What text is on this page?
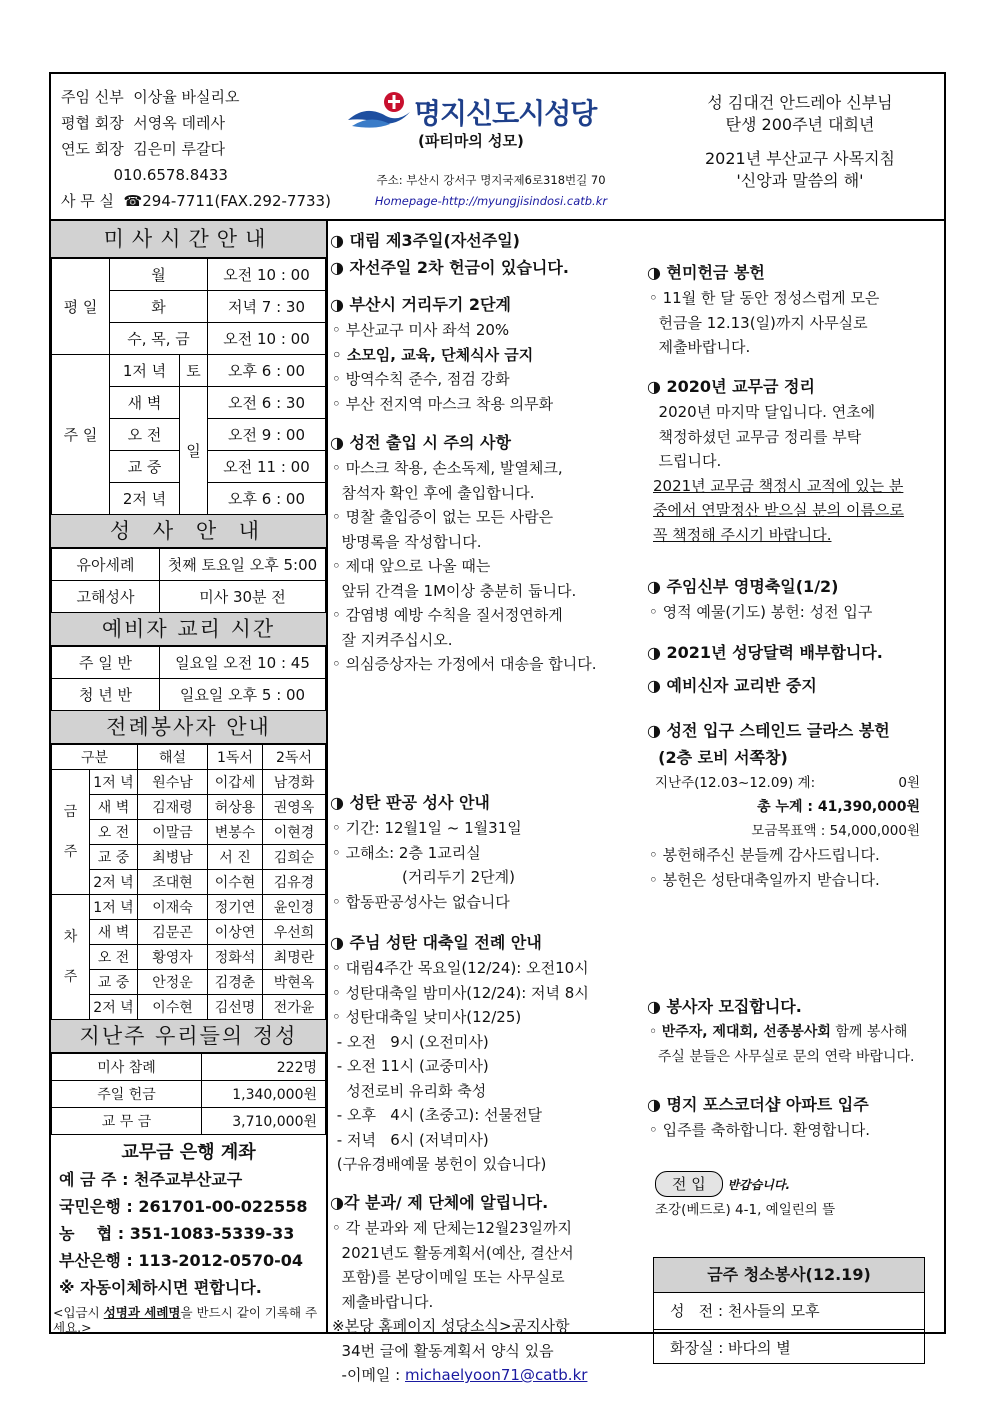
주임 신부  이상율 바실리오
평협 회장  서영옥 데레사
연도 회장  김은미 루갈다
010.6578.8433
사 무 실  ☎294-7711(FAX.292-7733)
명지신도시성당
(파티마의 성모)
주소: 부산시 강서구 명지국제6로318번길 70
Homepage-http://myungjisindosi.catb.kr
성 김대건 안드레아 신부님
탄생 200주년 대희년
2021년 부산교구 사목지침
'신앙과 말씀의 해'
미사시간안내
평 일	월		오전 10 : 00
	화		저녁 7 : 30
	수, 목, 금		오전 10 : 00
주 일	1저 녁	토	오후 6 : 00
	새 벽	일	오전 6 : 30
	오 전		오전 9 : 00
	교 중		오전 11 : 00
	2저 녁		오후 6 : 00
성 사 안 내
유아세례	첫째 토요일 오후 5:00
고해성사	미사 30분 전
예비자 교리 시간
주 일 반	일요일 오전 10 : 45
청 년 반	일요일 오후 5 : 00
전례봉사자 안내
구분		해설	1독서	2독서
금

주	1저 녁	원수남	이갑세	남경화
	새 벽	김재령	허상용	권영옥
	오 전	이말금	변봉수	이현경
	교 중	최병남	서 진	김희순
	2저 녁	조대현	이수현	김유경
차

주	1저 녁	이재숙	정기연	윤인경
	새 벽	김문곤	이상연	우선희
	오 전	황영자	정화석	최명란
	교 중	안정운	김경춘	박현옥
	2저 녁	이수현	김선명	전가윤
지난주 우리들의 정성
미사 참례	222명
주일 헌금	1,340,000원
교 무 금	3,710,000원
교무금 은행 계좌
예 금 주 : 천주교부산교구
국민은행 : 261701-00-022558
농    협 : 351-1083-5339-33
부산은행 : 113-2012-0570-04
※ 자동이체하시면 편합니다.
<입금시 성명과 세례명을 반드시 같이 기록해 주세요.>
◑ 대림 제3주일(자선주일)
◑ 자선주일 2차 헌금이 있습니다.
◑ 부산시 거리두기 2단계
◦ 부산교구 미사 좌석 20%
◦ 소모임, 교육, 단체식사 금지
◦ 방역수칙 준수, 점검 강화
◦ 부산 전지역 마스크 착용 의무화
◑ 성전 출입 시 주의 사항
◦ 마스크 착용, 손소독제, 발열체크,
참석자 확인 후에 출입합니다.
◦ 명찰 출입증이 없는 모든 사람은
방명록을 작성합니다.
◦ 제대 앞으로 나올 때는
앞뒤 간격을 1M이상 충분히 둡니다.
◦ 감염병 예방 수칙을 질서정연하게
잘 지켜주십시오.
◦ 의심증상자는 가정에서 대송을 합니다.
◑ 성탄 판공 성사 안내
◦ 기간: 12월1일 ~ 1월31일
◦ 고해소: 2층 1교리실
(거리두기 2단계)
◦ 합동판공성사는 없습니다
◑ 주님 성탄 대축일 전례 안내
◦ 대림4주간 목요일(12/24): 오전10시
◦ 성탄대축일 밤미사(12/24): 저녁 8시
◦ 성탄대축일 낮미사(12/25)
- 오전   9시 (오전미사)
- 오전 11시 (교중미사)
성전로비 유리화 축성
- 오후   4시 (초중고): 선물전달
- 저녁   6시 (저녁미사)
(구유경배예물 봉헌이 있습니다)
◑각 분과/ 제 단체에 알립니다.
◦ 각 분과와 제 단체는12월23일까지
2021년도 활동계획서(예산, 결산서
포함)를 본당이메일 또는 사무실로
제출바랍니다.
※본당 홈페이지 성당소식>공지사항
34번 글에 활동계획서 양식 있음
-이메일 : michaelyoon71@catb.kr
◑ 현미헌금 봉헌
◦ 11월 한 달 동안 정성스럽게 모은
헌금을 12.13(일)까지 사무실로
제출바랍니다.
◑ 2020년 교무금 정리
2020년 마지막 달입니다. 연초에
책정하셨던 교무금 정리를 부탁
드립니다.
2021년 교무금 책정시 교적에 있는 분
중에서 연말정산 받으실 분의 이름으로
꼭 책정해 주시기 바랍니다.
◑ 주임신부 영명축일(1/2)
◦ 영적 예물(기도) 봉헌: 성전 입구
◑ 2021년 성당달력 배부합니다.
◑ 예비신자 교리반 중지
◑ 성전 입구 스테인드 글라스 봉헌
(2층 로비 서쪽창)
지난주(12.03~12.09) 계:	0원
총 누계 : 41,390,000원
모금목표액 : 54,000,000원
◦ 봉헌해주신 분들께 감사드립니다.
◦ 봉헌은 성탄대축일까지 받습니다.
◑ 봉사자 모집합니다.
◦ 반주자, 제대회, 선종봉사회 함께 봉사해
주실 분들은 사무실로 문의 연락 바랍니다.
◑ 명지 포스코더샵 아파트 입주
◦ 입주를 축하합니다. 환영합니다.
전 입 반갑습니다.
조강(베드로) 4-1, 예일린의 뜰
금주 청소봉사(12.19)
성   전 : 천사들의 모후
화장실 : 바다의 별
